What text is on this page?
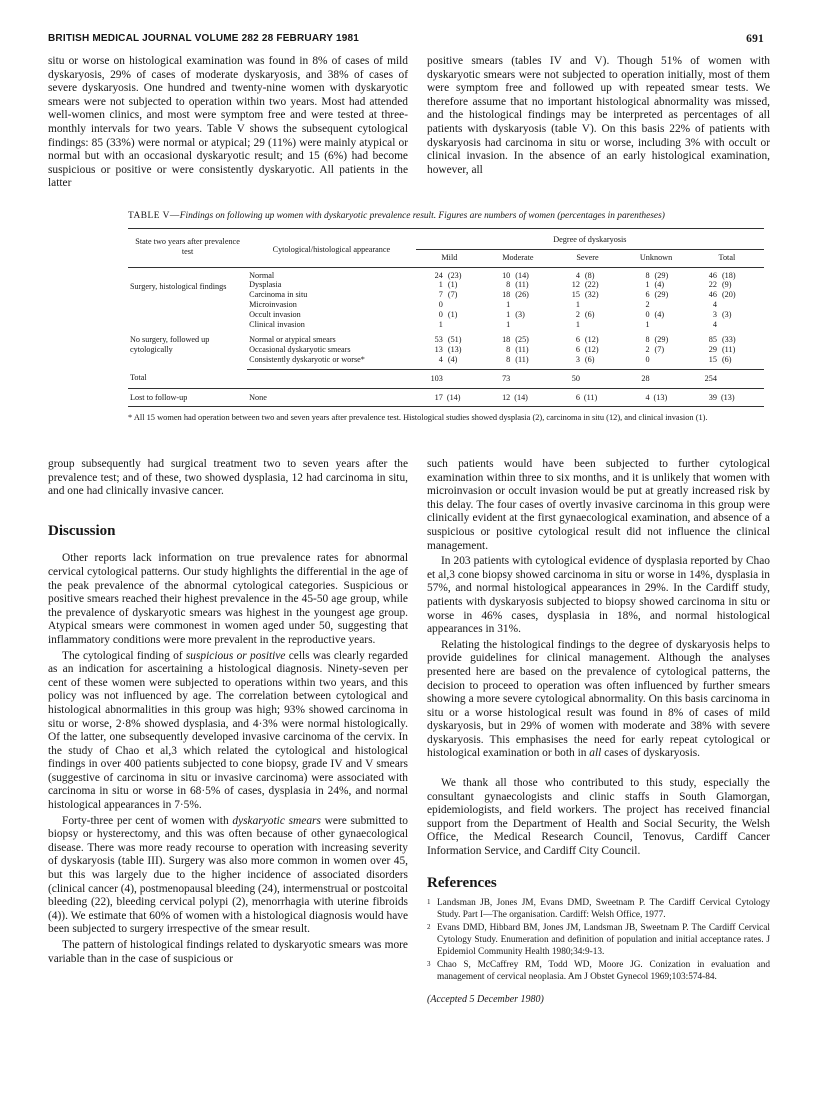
BRITISH MEDICAL JOURNAL VOLUME 282 28 FEBRUARY 1981	691

situ or worse on histological examination was found in 8% of cases of mild dyskaryosis, 29% of cases of moderate dyskaryosis, and 38% of cases of severe dyskaryosis. One hundred and twenty-nine women with dyskaryotic smears were not subjected to operation within two years. Most had attended well-women clinics, and most were symptom free and were tested at three-monthly intervals for two years. Table V shows the subsequent cytological findings: 85 (33%) were normal or atypical; 29 (11%) were mainly atypical or normal but with an occasional dyskaryotic result; and 15 (6%) had become suspicious or positive or were consistently dyskaryotic. All patients in the latter

positive smears (tables IV and V). Though 51% of women with dyskaryotic smears were not subjected to operation initially, most of them were symptom free and followed up with repeated smear tests. We therefore assume that no important histological abnormality was missed, and the histological findings may be interpreted as percentages of all patients with dyskaryosis (table V). On this basis 22% of patients with dyskaryosis had carcinoma in situ or worse, including 3% with occult or clinical invasion. In the absence of an early histological examination, however, all

TABLE V—Findings on following up women with dyskaryotic prevalence result. Figures are numbers of women (percentages in parentheses)
State two years after prevalence test	Cytological/histological appearance	Degree of dyskaryosis									
		Mild		Moderate		Severe		Unknown		Total	
Surgery, histological findings	Normal	24	(23)	10	(14)	4	(8)	8	(29)	46	(18)
	Dysplasia	1	(1)	8	(11)	12	(22)	1	(4)	22	(9)
	Carcinoma in situ	7	(7)	18	(26)	15	(32)	6	(29)	46	(20)
	Microinvasion	0		1		1		2		4	
	Occult invasion	0	(1)	1	(3)	2	(6)	0	(4)	3	(3)
	Clinical invasion	1		1		1		1		4	
No surgery, followed up cytologically	Normal or atypical smears	53	(51)	18	(25)	6	(12)	8	(29)	85	(33)
	Occasional dyskaryotic smears	13	(13)	8	(11)	6	(12)	2	(7)	29	(11)
	Consistently dyskaryotic or worse*	4	(4)	8	(11)	3	(6)	0		15	(6)
Total		103		73		50		28		254	
Lost to follow-up	None	17	(14)	12	(14)	6	(11)	4	(13)	39	(13)
* All 15 women had operation between two and seven years after prevalence test. Histological studies showed dysplasia (2), carcinoma in situ (12), and clinical invasion (1).

group subsequently had surgical treatment two to seven years after the prevalence test; and of these, two showed dysplasia, 12 had carcinoma in situ, and one had clinically invasive cancer.

Discussion

Other reports lack information on true prevalence rates for abnormal cervical cytological patterns. Our study highlights the differential in the age of the peak prevalence of the abnormal cytological categories. Suspicious or positive smears reached their highest prevalence in the 45-50 age group, while the prevalence of dyskaryotic smears was highest in the youngest age group. Atypical smears were commonest in women aged under 50, suggesting that inflammatory conditions were more prevalent in the reproductive years.

The cytological finding of suspicious or positive cells was clearly regarded as an indication for ascertaining a histological diagnosis. Ninety-seven per cent of these women were subjected to operations within two years, and this policy was not influenced by age. The correlation between cytological and histological abnormalities in this group was high; 93% showed carcinoma in situ or worse, 2·8% showed dysplasia, and 4·3% were normal histologically. Of the latter, one subsequently developed invasive carcinoma of the cervix. In the study of Chao et al,3 which related the cytological and histological findings in over 400 patients subjected to cone biopsy, grade IV and V smears (suggestive of carcinoma in situ or invasive carcinoma) were associated with carcinoma in situ or worse in 68·5% of cases, dysplasia in 24%, and normal histological appearances in 7·5%.

Forty-three per cent of women with dyskaryotic smears were submitted to biopsy or hysterectomy, and this was often because of other gynaecological disease. There was more ready recourse to operation with increasing severity of dyskaryosis (table III). Surgery was also more common in women over 45, but this was largely due to the higher incidence of associated disorders (clinical cancer (4), postmenopausal bleeding (24), intermenstrual or postcoital bleeding (22), bleeding cervical polypi (2), menorrhagia with uterine fibroids (4)). We estimate that 60% of women with a histological diagnosis would have been subjected to surgery irrespective of the smear result.

The pattern of histological findings related to dyskaryotic smears was more variable than in the case of suspicious or

such patients would have been subjected to further cytological examination within three to six months, and it is unlikely that women with microinvasion or occult invasion would be put at greatly increased risk by this delay. The four cases of overtly invasive carcinoma in this group were clinically evident at the first gynaecological examination, and absence of a suspicious or positive cytological result did not influence the clinical management.

In 203 patients with cytological evidence of dysplasia reported by Chao et al,3 cone biopsy showed carcinoma in situ or worse in 14%, dysplasia in 57%, and normal histological appearances in 29%. In the Cardiff study, patients with dyskaryosis subjected to biopsy showed carcinoma in situ or worse in 46% cases, dysplasia in 18%, and normal histological appearances in 31%.

Relating the histological findings to the degree of dyskaryosis helps to provide guidelines for clinical management. Although the analyses presented here are based on the prevalence of cytological patterns, the decision to proceed to operation was often influenced by further smears showing a more severe cytological abnormality. On this basis carcinoma in situ or a worse histological result was found in 8% of cases of mild dyskaryosis, but in 29% of women with moderate and 38% with severe dyskaryosis. This emphasises the need for early repeat cytological or histological examination or both in all cases of dyskaryosis.

We thank all those who contributed to this study, especially the consultant gynaecologists and clinic staffs in South Glamorgan, epidemiologists, and field workers. The project has received financial support from the Department of Health and Social Security, the Welsh Office, the Medical Research Council, Tenovus, Cardiff Cancer Information Service, and Cardiff City Council.

References

1 Landsman JB, Jones JM, Evans DMD, Sweetnam P. The Cardiff Cervical Cytology Study. Part I—The organisation. Cardiff: Welsh Office, 1977.

2 Evans DMD, Hibbard BM, Jones JM, Landsman JB, Sweetnam P. The Cardiff Cervical Cytology Study. Enumeration and definition of population and initial acceptance rates. J Epidemiol Community Health 1980;34:9-13.

3 Chao S, McCaffrey RM, Todd WD, Moore JG. Conization in evaluation and management of cervical neoplasia. Am J Obstet Gynecol 1969;103:574-84.

(Accepted 5 December 1980)
